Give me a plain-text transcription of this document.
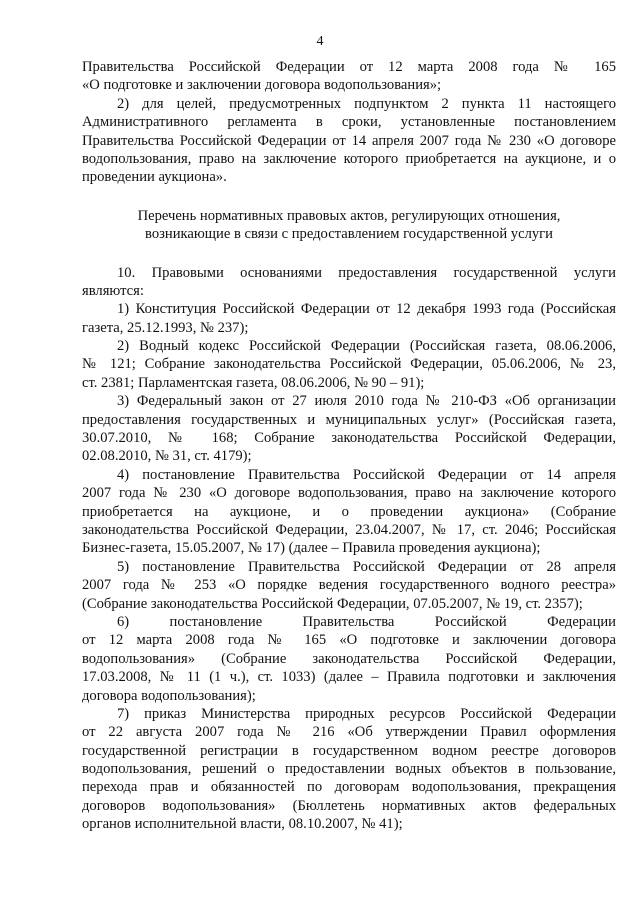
4
Правительства Российской Федерации от 12 марта 2008 года № 165
«О подготовке и заключении договора водопользования»;
2) для целей, предусмотренных подпунктом 2 пункта 11 настоящего
Административного регламента в сроки, установленные постановлением
Правительства Российской Федерации от 14 апреля 2007 года № 230 «О договоре
водопользования, право на заключение которого приобретается на аукционе, и о
проведении аукциона».
Перечень нормативных правовых актов, регулирующих отношения,
возникающие в связи с предоставлением государственной услуги
10. Правовыми основаниями предоставления государственной услуги
являются:
1) Конституция Российской Федерации от 12 декабря 1993 года (Российская
газета, 25.12.1993, № 237);
2) Водный кодекс Российской Федерации (Российская газета, 08.06.2006,
№ 121; Собрание законодательства Российской Федерации, 05.06.2006, № 23,
ст. 2381; Парламентская газета, 08.06.2006, № 90 – 91);
3) Федеральный закон от 27 июля 2010 года № 210-ФЗ «Об организации
предоставления государственных и муниципальных услуг» (Российская газета,
30.07.2010, № 168; Собрание законодательства Российской Федерации,
02.08.2010, № 31, ст. 4179);
4) постановление Правительства Российской Федерации от 14 апреля
2007 года № 230 «О договоре водопользования, право на заключение которого
приобретается на аукционе, и о проведении аукциона» (Собрание
законодательства Российской Федерации, 23.04.2007, № 17, ст. 2046; Российская
Бизнес-газета, 15.05.2007, № 17) (далее – Правила проведения аукциона);
5) постановление Правительства Российской Федерации от 28 апреля
2007 года № 253 «О порядке ведения государственного водного реестра»
(Собрание законодательства Российской Федерации, 07.05.2007, № 19, ст. 2357);
6) постановление Правительства Российской Федерации
от 12 марта 2008 года № 165 «О подготовке и заключении договора
водопользования» (Собрание законодательства Российской Федерации,
17.03.2008, № 11 (1 ч.), ст. 1033) (далее – Правила подготовки и заключения
договора водопользования);
7) приказ Министерства природных ресурсов Российской Федерации
от 22 августа 2007 года № 216 «Об утверждении Правил оформления
государственной регистрации в государственном водном реестре договоров
водопользования, решений о предоставлении водных объектов в пользование,
перехода прав и обязанностей по договорам водопользования, прекращения
договоров водопользования» (Бюллетень нормативных актов федеральных
органов исполнительной власти, 08.10.2007, № 41);
